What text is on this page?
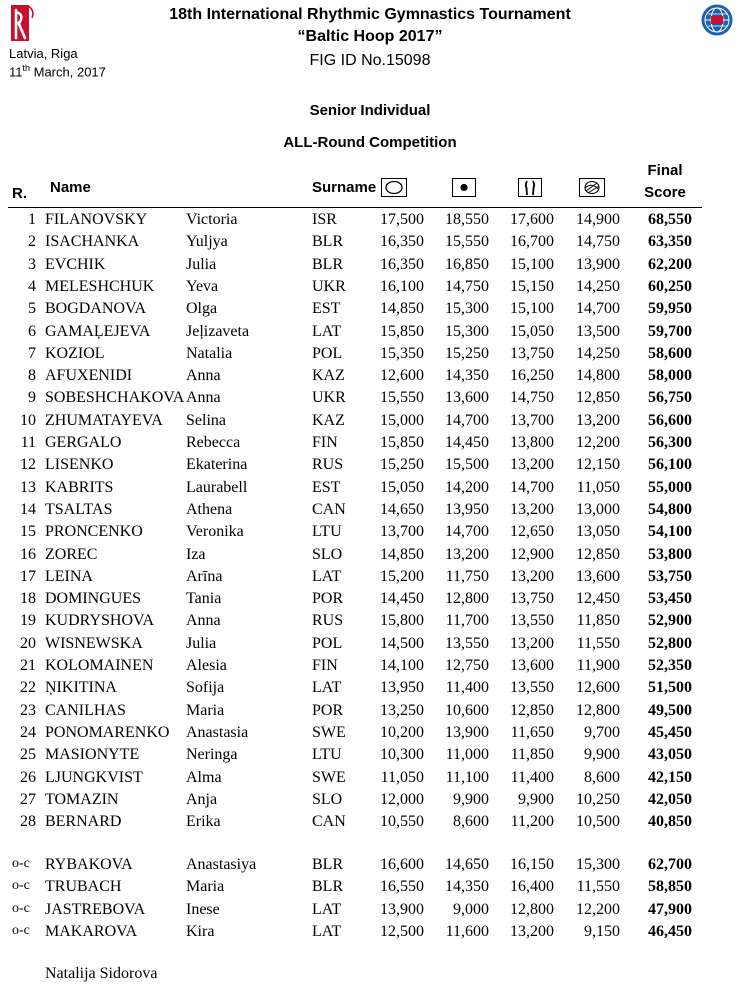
Latvia, Riga
11th March, 2017
18th International Rhythmic Gymnastics Tournament
“Baltic Hoop 2017”
FIG ID No.15098
Senior Individual
ALL-Round Competition
R. Name	Surname
Final
Score
1 FILANOVSKY Victoria	ISR	17,500	18,550	17,600	14,900	68,550
2 ISACHANKA	Yuljya	BLR	16,350	15,550	16,700	14,750	63,350
3 EVCHIK	Julia	BLR	16,350	16,850	15,100	13,900	62,200
4 MELESHCHUK Yeva	UKR	16,100	14,750	15,150	14,250	60,250
5 BOGDANOVA Olga	EST	14,850	15,300	15,100	14,700	59,950
6 GAMAĻEJEVA Jeļizaveta	LAT	15,850	15,300	15,050	13,500	59,700
7 KOZIOL	Natalia	POL	15,350	15,250	13,750	14,250	58,600
8 AFUXENIDI	Anna	KAZ	12,600	14,350	16,250	14,800	58,000
9 SOBESHCHAKOVA Anna	UKR	15,550	13,600	14,750	12,850	56,750
10 ZHUMATAYEVA Selina	KAZ	15,000	14,700	13,700	13,200	56,600
11 GERGALO	Rebecca	FIN	15,850	14,450	13,800	12,200	56,300
12 LISENKO	Ekaterina	RUS	15,250	15,500	13,200	12,150	56,100
13 KABRITS	Laurabell	EST	15,050	14,200	14,700	11,050	55,000
14 TSALTAS	Athena	CAN	14,650	13,950	13,200	13,000	54,800
15 PRONCENKO	Veronika	LTU	13,700	14,700	12,650	13,050	54,100
16 ZOREC	Iza	SLO	14,850	13,200	12,900	12,850	53,800
17 LEINA	Arīna	LAT	15,200	11,750	13,200	13,600	53,750
18 DOMINGUES	Tania	POR	14,450	12,800	13,750	12,450	53,450
19 KUDRYSHOVA Anna	RUS	15,800	11,700	13,550	11,850	52,900
20 WISNEWSKA	Julia	POL	14,500	13,550	13,200	11,550	52,800
21 KOLOMAINEN Alesia	FIN	14,100	12,750	13,600	11,900	52,350
22 ŅIKITINA	Sofija	LAT	13,950	11,400	13,550	12,600	51,500
23 CANILHAS	Maria	POR	13,250	10,600	12,850	12,800	49,500
24 PONOMARENKO Anastasia	SWE	10,200	13,900	11,650	9,700	45,450
25 MASIONYTE	Neringa	LTU	10,300	11,000	11,850	9,900	43,050
26 LJUNGKVIST	Alma	SWE	11,050	11,100	11,400	8,600	42,150
27 TOMAZIN	Anja	SLO	12,000	9,900	9,900	10,250	42,050
28 BERNARD	Erika	CAN	10,550	8,600	11,200	10,500	40,850
o-c RYBAKOVA	Anastasiya	BLR	16,600	14,650	16,150	15,300	62,700
o-c TRUBACH	Maria	BLR	16,550	14,350	16,400	11,550	58,850
o-c JASTREBOVA	Inese	LAT	13,900	9,000	12,800	12,200	47,900
o-c MAKAROVA	Kira	LAT	12,500	11,600	13,200	9,150	46,450
Natalija Sidorova
